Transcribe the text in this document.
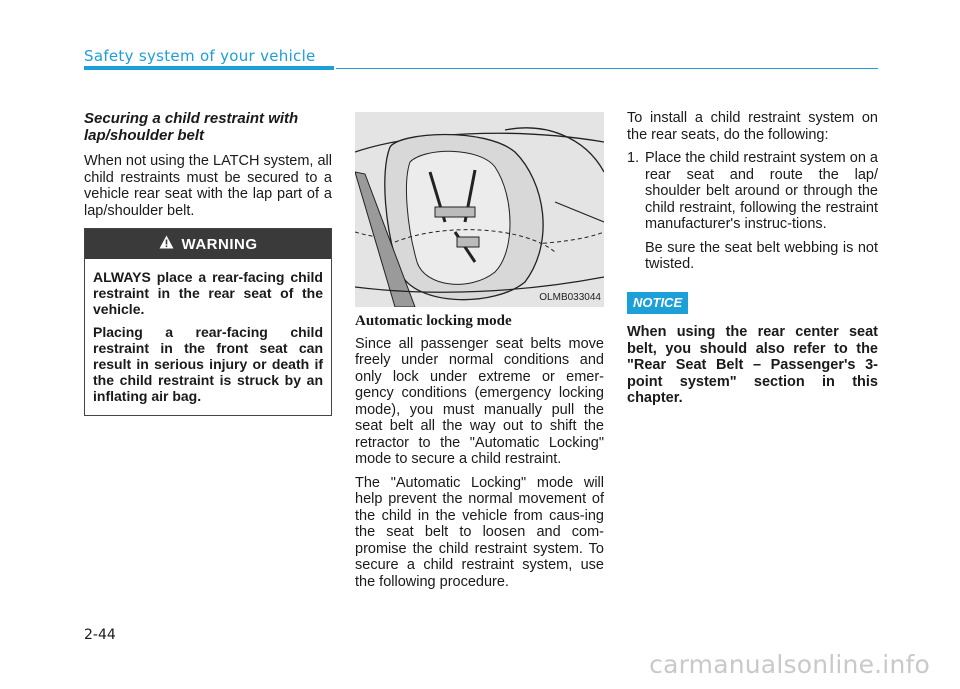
Safety system of your vehicle
Securing a child restraint with lap/shoulder belt

When not using the LATCH system, all child restraints must be secured to a vehicle rear seat with the lap part of a lap/shoulder belt.

WARNING

ALWAYS place a rear-facing child restraint in the rear seat of the vehicle.

Placing a rear-facing child restraint in the front seat can result in serious injury or death if the child restraint is struck by an inflating air bag.

OLMB033044
Automatic locking mode

Since all passenger seat belts move freely under normal conditions and only lock under extreme or emer-gency conditions (emergency locking mode), you must manually pull the seat belt all the way out to shift the retractor to the "Automatic Locking" mode to secure a child restraint.

The "Automatic Locking" mode will help prevent the normal movement of the child in the vehicle from caus-ing the seat belt to loosen and com-promise the child restraint system. To secure a child restraint system, use the following procedure.

To install a child restraint system on the rear seats, do the following:

1. Place the child restraint system on a rear seat and route the lap/ shoulder belt around or through the child restraint, following the restraint manufacturer's instruc-tions.

Be sure the seat belt webbing is not twisted.

NOTICE

When using the rear center seat belt, you should also refer to the "Rear Seat Belt – Passenger's 3-point system" section in this chapter.

2-44
carmanualsonline.info
